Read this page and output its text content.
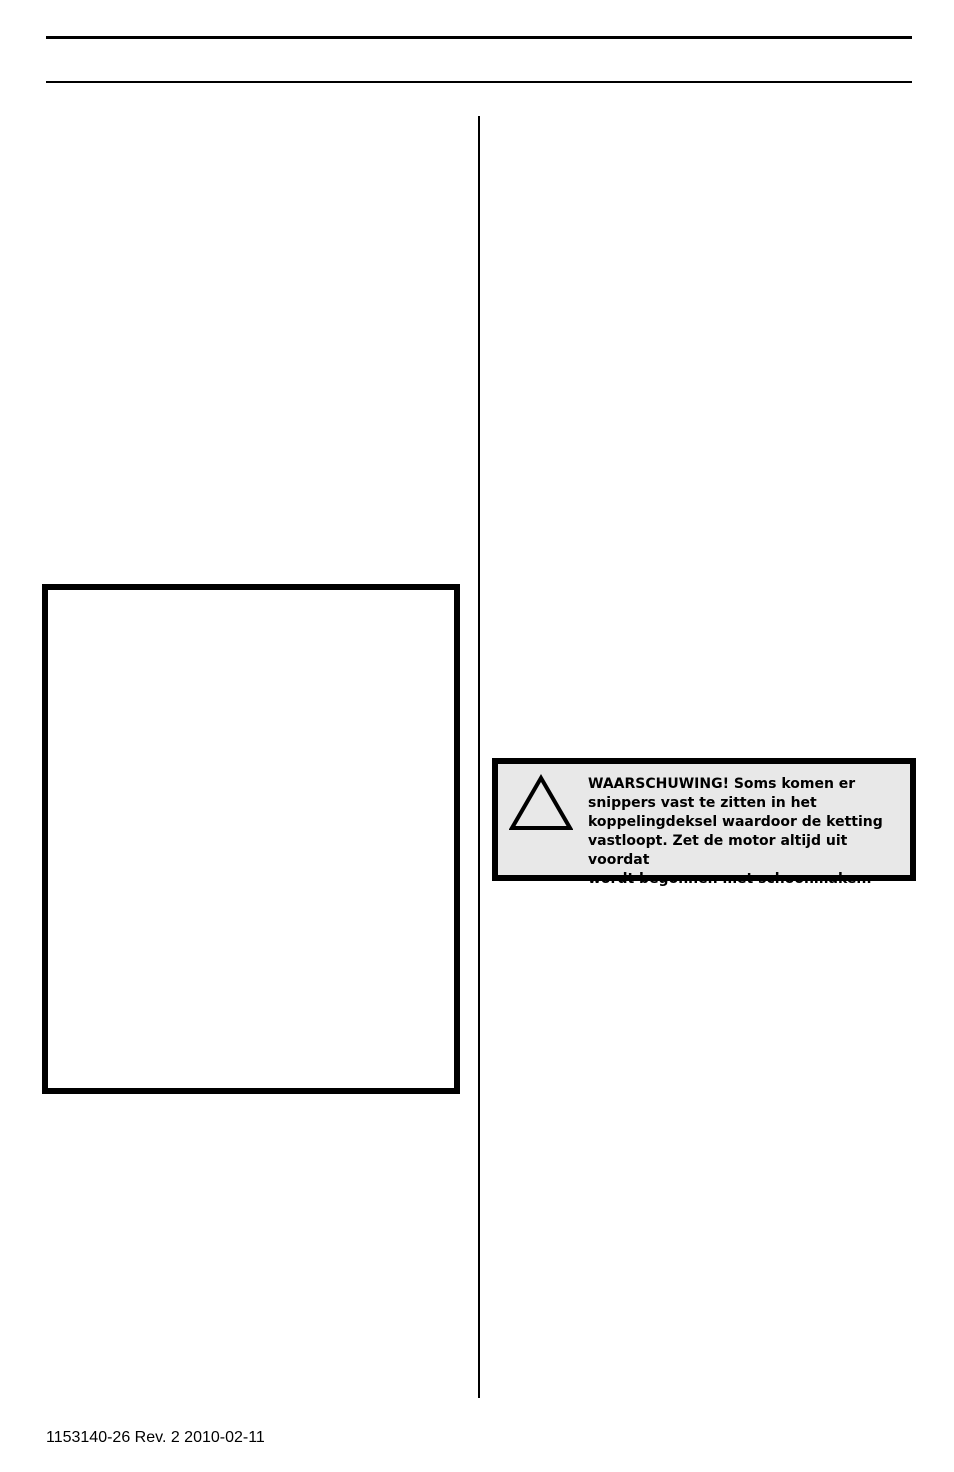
WAARSCHUWING! Soms komen er
snippers vast te zitten in het
koppelingdeksel waardoor de ketting
vastloopt. Zet de motor altijd uit voordat
wordt begonnen met schoonmaken.
1153140-26 Rev. 2 2010-02-11
